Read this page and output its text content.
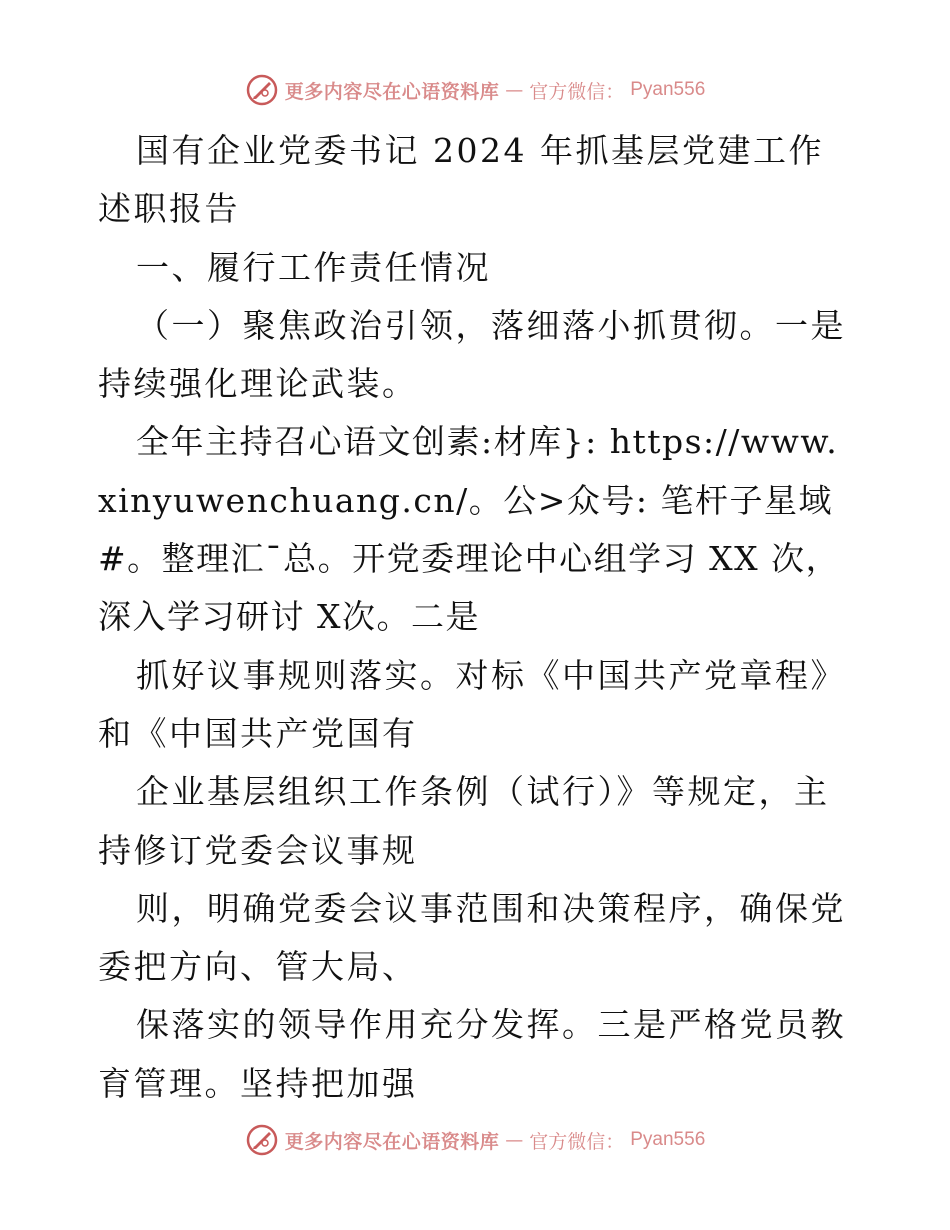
更多内容尽在心语资料库 — 官方微信： Pyan556

国有企业党委书记 2024 年抓基层党建工作述职报告

一、履行工作责任情况

（一）聚焦政治引领，落细落小抓贯彻。一是持续强化理论武装。

全年主持召心语文创素:材库}: https://www.xinyuwenchuang.cn/。公>众号: 笔杆子星域#。整理汇¯总。开党委理论中心组学习 XX 次，深入学习研讨 X次。二是

抓好议事规则落实。对标《中国共产党章程》和《中国共产党国有

企业基层组织工作条例（试行）》等规定，主持修订党委会议事规

则，明确党委会议事范围和决策程序，确保党委把方向、管大局、

保落实的领导作用充分发挥。三是严格党员教育管理。坚持把加强

更多内容尽在心语资料库 — 官方微信： Pyan556
